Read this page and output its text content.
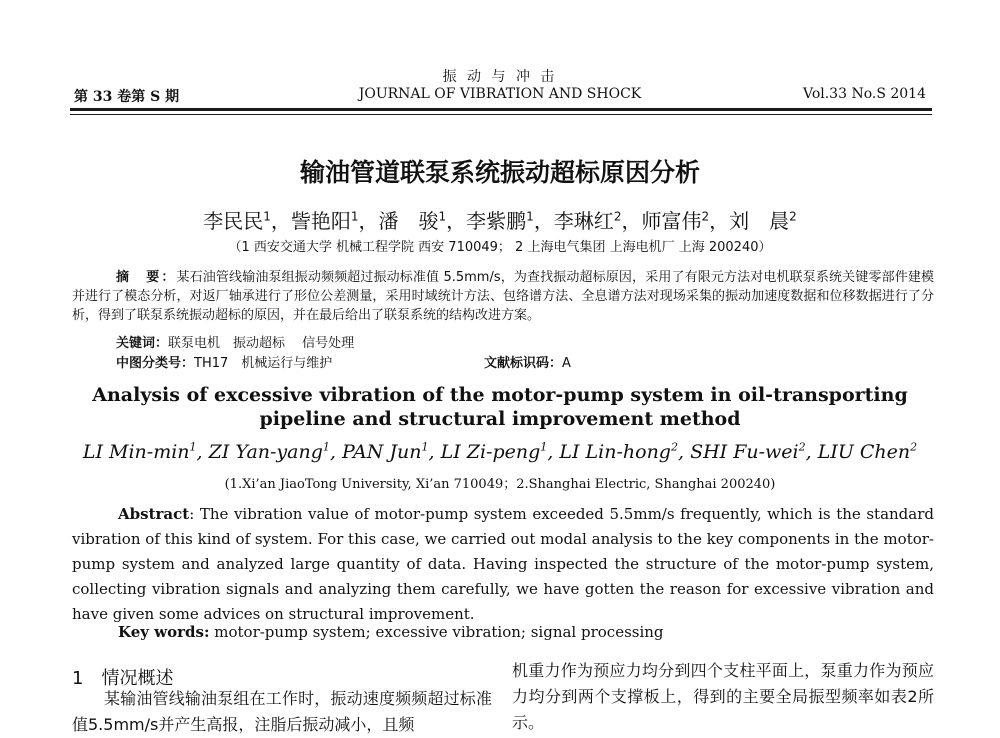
振 动 与 冲 击
第 33 卷第 S 期	JOURNAL OF VIBRATION AND SHOCK	Vol.33 No.S 2014
输油管道联泵系统振动超标原因分析
李民民$^1$，訾艳阳$^1$，潘　骏$^1$，李紫鹏$^1$，李琳红$^2$，师富伟$^2$，刘　晨$^2$
（1 西安交通大学 机械工程学院 西安 710049； 2 上海电气集团 上海电机厂 上海 200240）
摘　要：某石油管线输油泵组振动频频超过振动标准值 5.5mm/s，为查找振动超标原因，采用了有限元方法对电机联泵系统关键零部件建模并进行了模态分析，对返厂轴承进行了形位公差测量，采用时域统计方法、包络谱方法、全息谱方法对现场采集的振动加速度数据和位移数据进行了分析，得到了联泵系统振动超标的原因，并在最后给出了联泵系统的结构改进方案。
关键词：联泵电机　振动超标　 信号处理
中图分类号：TH17　机械运行与维护	文献标识码：A
Analysis of excessive vibration of the motor-pump system in oil-transporting pipeline and structural improvement method
LI Min-$\min^1$, ZI Yan-yang$^1$, PAN Jun$^1$, LI Zi-peng$^1$, LI Lin-hong$^2$, SHI Fu-wei$^2$, LIU Chen$^2$
(1.Xi’an JiaoTong University, Xi’an 710049；2.Shanghai Electric, Shanghai 200240)
Abstract: The vibration value of motor-pump system exceeded 5.5mm/s frequently, which is the standard vibration of this kind of system. For this case, we carried out modal analysis to the key components in the motor-pump system and analyzed large quantity of data. Having inspected the structure of the motor-pump system, collecting vibration signals and analyzing them carefully, we have gotten the reason for excessive vibration and have given some advices on structural improvement.
Key words: motor-pump system; excessive vibration; signal processing
1　 情况概述
某输油管线输油泵组在工作时，振动速度频频超过标准值5.5mm/s并产生高报，注脂后振动减小，且频
机重力作为预应力均分到四个支柱平面上，泵重力作为预应力均分到两个支撑板上，得到的主要全局振型频率如表2所示。
